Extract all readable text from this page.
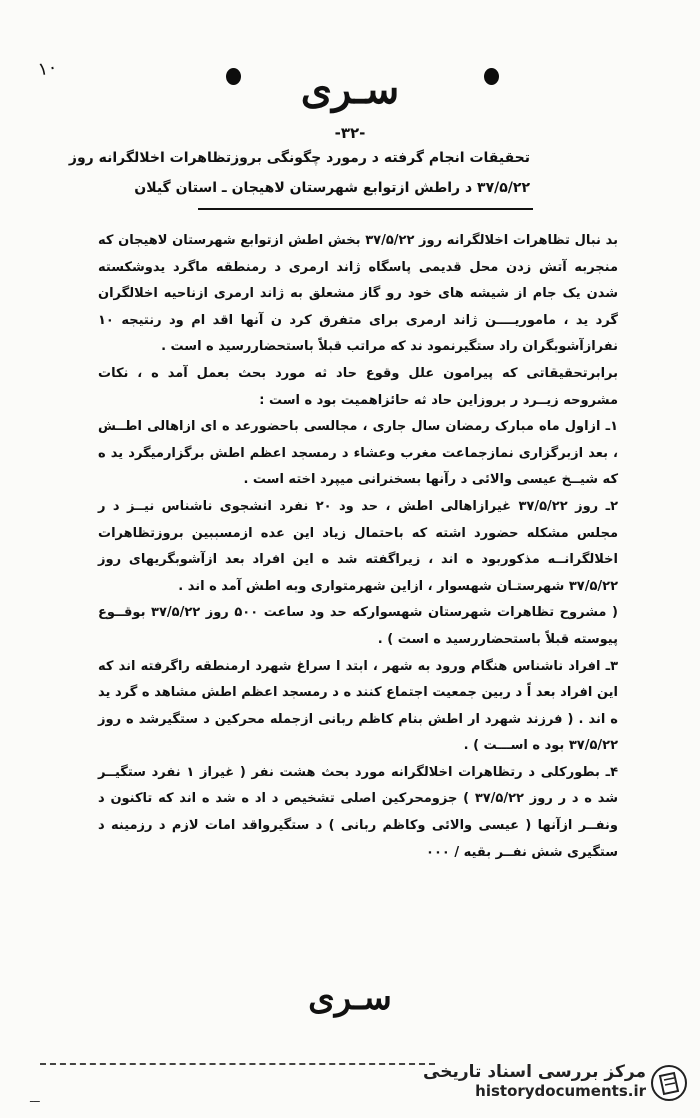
۱۰	سـری
-۳۲-
تحقیقات انجام گرفته د رمورد چگونگی بروزتظاهرات اخلالگرانه روز
۳۷/۵/۲۲ د راطش ازتوابع شهرستان لاهیجان ـ استان گیلان

بد نبال تظاهرات اخلالگرانه روز ۳۷/۵/۲۲ بخش اطش ازتوابع شهرستان لاهیجان که منجربه آتش زدن محل قدیمی پاسگاه ژاند ارمری د رمنطقه ماگرد یدوشکسته شدن یک جام از شیشه های خود رو گاز مشعلق به ژاند ارمری ازناحیه اخلالگران گرد ید ، ماموریــــن ژاند ارمری برای متفرق کرد ن آنها اقد ام ود رنتیجه ۱۰ نفرازآشوبگران راد ستگیرنمود ند که مراتب قبلاً باستحضاررسید ه است .

برابرتحقیقاتی که پیرامون علل وقوع حاد ثه مورد بحث بعمل آمد ه ، نکات مشروحه زیــرد ر بروزاین حاد ثه حائزاهمیت بود ه است :

۱ـ ازاول ماه مبارک رمضان سال جاری ، مجالسی باحضورعد ه ای ازاهالی اطــش ، بعد ازبرگزاری نمازجماعت مغرب وعشاء د رمسجد اعظم اطش برگزارمیگرد ید ه که شیــخ عیسی والائی د رآنها بسخنرانی میپرد اخته است .

۲ـ روز ۳۷/۵/۲۲ غیرازاهالی اطش ، حد ود ۲۰ نفرد انشجوی ناشناس نیــز د ر مجلس مشکله حضورد اشته که باحتمال زیاد این عده ازمسببین بروزتظاهرات اخلالگرانــه مذکوربود ه اند ، زیراگفته شد ه این افراد بعد ازآشوبگریهای روز ۳۷/۵/۲۲ شهرستـان شهسوار ، ازاین شهرمتواری وبه اطش آمد ه اند .

( مشروح تظاهرات شهرستان شهسوارکه حد ود ساعت ۵۰۰ روز ۳۷/۵/۲۲ بوقــوع پیوسته قبلاً باستحضاررسید ه است ) .

۳ـ افراد ناشناس هنگام ورود به شهر ، ابتد ا سراغ شهرد ارمنطقه راگرفته اند که این افراد بعد اً د ربین جمعیت اجتماع کنند ه د رمسجد اعظم اطش مشاهد ه گرد ید ه اند . ( فرزند شهرد ار اطش بنام کاظم ربانی ازجمله محرکین د ستگیرشد ه روز ۳۷/۵/۲۲ بود ه اســـت ) .

۴ـ بطورکلی د رتظاهرات اخلالگرانه مورد بحث هشت نفر ( غیراز ۱ نفرد ستگیــر شد ه د ر روز ۳۷/۵/۲۲ ) جزومحرکین اصلی تشخیص د اد ه شد ه اند که تاکنون د ونفــر ازآنها ( عیسی والائی وکاظم ربانی ) د ستگیرواقد امات لازم د رزمینه د ستگیری شش نفــر بقیه / ۰۰۰

سـری
ـــ
مرکز بررسی اسناد تاریخی
historydocuments.ir
